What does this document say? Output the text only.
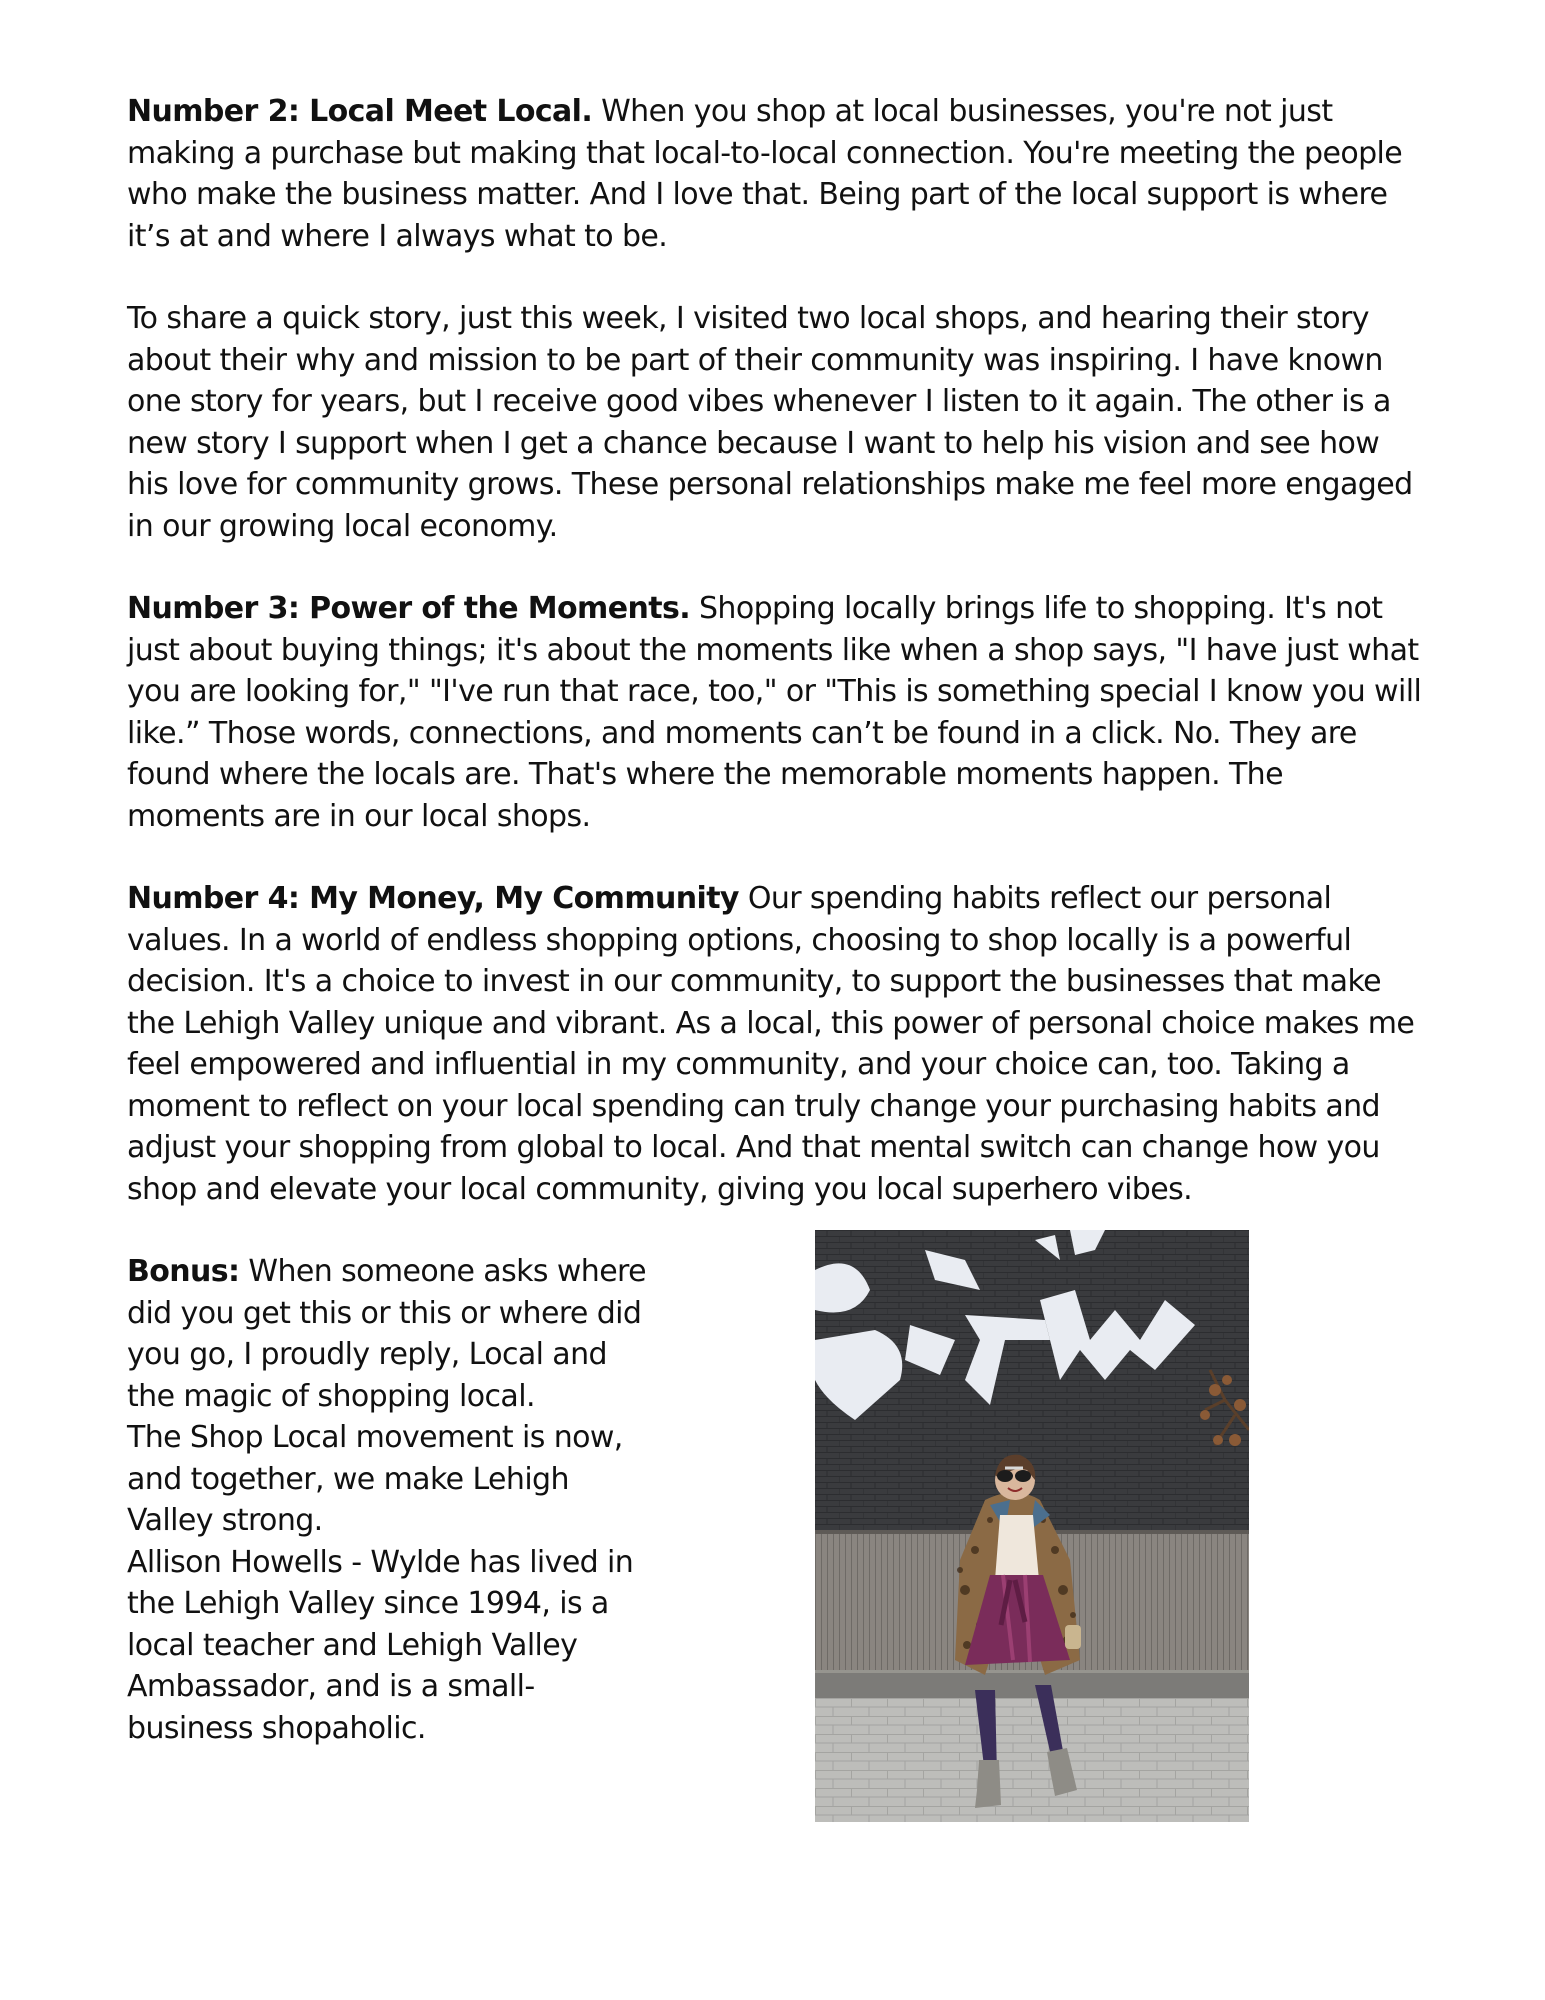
Number 2: Local Meet Local. When you shop at local businesses, you're not just making a purchase but making that local-to-local connection. You're meeting the people who make the business matter. And I love that. Being part of the local support is where it’s at and where I always what to be.

To share a quick story, just this week, I visited two local shops, and hearing their story about their why and mission to be part of their community was inspiring. I have known one story for years, but I receive good vibes whenever I listen to it again. The other is a new story I support when I get a chance because I want to help his vision and see how his love for community grows. These personal relationships make me feel more engaged in our growing local economy.

Number 3: Power of the Moments. Shopping locally brings life to shopping. It's not just about buying things; it's about the moments like when a shop says, "I have just what you are looking for," "I've run that race, too," or "This is something special I know you will like.” Those words, connections, and moments can’t be found in a click. No. They are found where the locals are. That's where the memorable moments happen. The moments are in our local shops.

Number 4: My Money, My Community Our spending habits reflect our personal values. In a world of endless shopping options, choosing to shop locally is a powerful decision. It's a choice to invest in our community, to support the businesses that make the Lehigh Valley unique and vibrant. As a local, this power of personal choice makes me feel empowered and influential in my community, and your choice can, too. Taking a moment to reflect on your local spending can truly change your purchasing habits and adjust your shopping from global to local. And that mental switch can change how you shop and elevate your local community, giving you local superhero vibes.

Bonus: When someone asks where did you get this or this or where did you go, I proudly reply, Local and the magic of shopping local.

The Shop Local movement is now, and together, we make Lehigh Valley strong.

Allison Howells - Wylde has lived in the Lehigh Valley since 1994, is a local teacher and Lehigh Valley Ambassador, and is a small-business shopaholic.
